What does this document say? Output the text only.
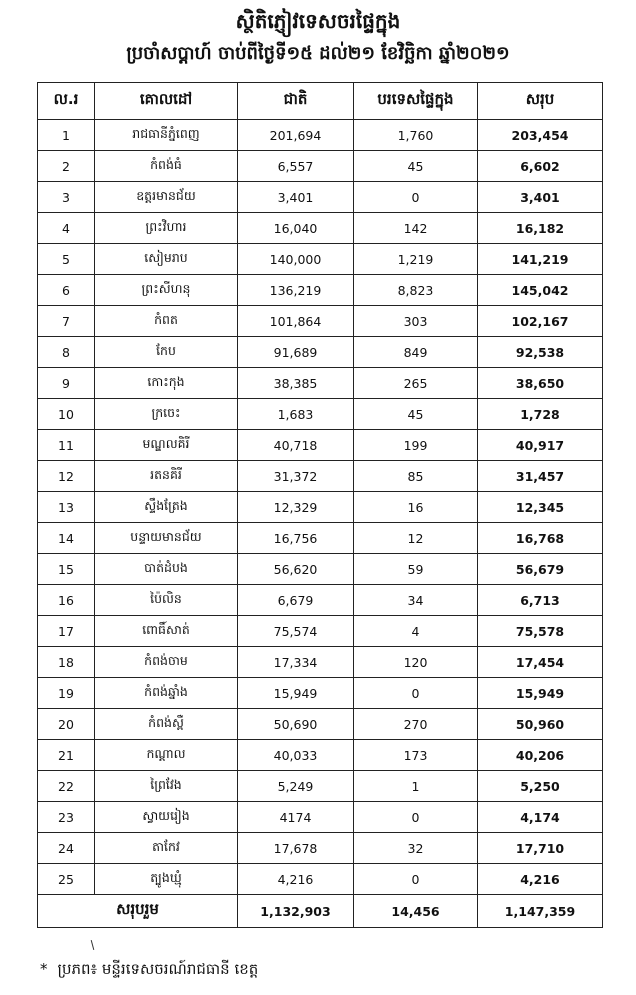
ស្ថិតិភ្ញៀវទេសចរផ្ទៃក្នុង
ប្រចាំសប្តាហ៍ ចាប់ពីថ្ងៃទី១៥ ដល់២១ ខែវិច្ឆិកា ឆ្នាំ២០២១
ល.រ	គោលដៅ	ជាតិ	បរទេសផ្ទៃក្នុង	សរុប
1	រាជធានីភ្នំពេញ	201,694	1,760	203,454
2	កំពង់ធំ	6,557	45	6,602
3	ឧត្តរមានជ័យ	3,401	0	3,401
4	ព្រះវិហារ	16,040	142	16,182
5	សៀមរាប	140,000	1,219	141,219
6	ព្រះសីហនុ	136,219	8,823	145,042
7	កំពត	101,864	303	102,167
8	កែប	91,689	849	92,538
9	កោះកុង	38,385	265	38,650
10	ក្រចេះ	1,683	45	1,728
11	មណ្ឌលគិរី	40,718	199	40,917
12	រតនគិរី	31,372	85	31,457
13	ស្ទឹងត្រែង	12,329	16	12,345
14	បន្ទាយមានជ័យ	16,756	12	16,768
15	បាត់ដំបង	56,620	59	56,679
16	ប៉ៃលិន	6,679	34	6,713
17	ពោធិ៍សាត់	75,574	4	75,578
18	កំពង់ចាម	17,334	120	17,454
19	កំពង់ឆ្នាំង	15,949	0	15,949
20	កំពង់ស្ពឺ	50,690	270	50,960
21	កណ្តាល	40,033	173	40,206
22	ព្រៃវែង	5,249	1	5,250
23	ស្វាយរៀង	4174	0	4,174
24	តាកែវ	17,678	32	17,710
25	ត្បូងឃ្មុំ	4,216	0	4,216
សរុបរួម		1,132,903	14,456	1,147,359
* ប្រភព៖ មន្ទីរទេសចរណ៍រាជធានី ខេត្ត
